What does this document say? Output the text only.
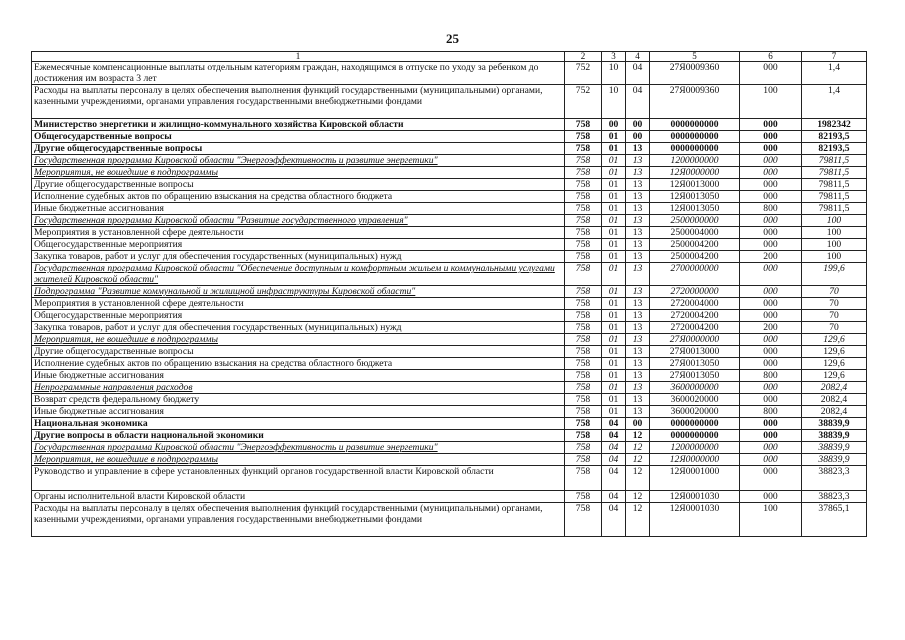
25
1	2	3	4	5	6	7
Ежемесячные компенсационные выплаты отдельным категориям граждан, находящимся в отпуске по уходу за ребенком до достижения им возраста 3 лет	752	10	04	27Я0009360	000	1,4
Расходы на выплаты персоналу в целях обеспечения выполнения функций государственными (муниципальными) органами, казенными учреждениями, органами управления государственными внебюджетными фондами	752	10	04	27Я0009360	100	1,4
Министерство энергетики и жилищно-коммунального хозяйства Кировской области	758	00	00	0000000000	000	1982342
Общегосударственные вопросы	758	01	00	0000000000	000	82193,5
Другие общегосударственные вопросы	758	01	13	0000000000	000	82193,5
Государственная программа Кировской области "Энергоэффективность и развитие энергетики"	758	01	13	1200000000	000	79811,5
Мероприятия, не вошедшие в подпрограммы	758	01	13	12Я0000000	000	79811,5
Другие общегосударственные вопросы	758	01	13	12Я0013000	000	79811,5
Исполнение судебных актов по обращению взыскания на средства областного бюджета	758	01	13	12Я0013050	000	79811,5
Иные бюджетные ассигнования	758	01	13	12Я0013050	800	79811,5
Государственная программа Кировской области "Развитие государственного управления"	758	01	13	2500000000	000	100
Мероприятия в установленной сфере деятельности	758	01	13	2500004000	000	100
Общегосударственные мероприятия	758	01	13	2500004200	000	100
Закупка товаров, работ и услуг для обеспечения государственных (муниципальных) нужд	758	01	13	2500004200	200	100
Государственная программа Кировской области "Обеспечение доступным и комфортным жильем и коммунальными услугами жителей Кировской области"	758	01	13	2700000000	000	199,6
Подпрограмма "Развитие коммунальной и жилищной инфраструктуры Кировской области"	758	01	13	2720000000	000	70
Мероприятия в установленной сфере деятельности	758	01	13	2720004000	000	70
Общегосударственные мероприятия	758	01	13	2720004200	000	70
Закупка товаров, работ и услуг для обеспечения государственных (муниципальных) нужд	758	01	13	2720004200	200	70
Мероприятия, не вошедшие в подпрограммы	758	01	13	27Я0000000	000	129,6
Другие общегосударственные вопросы	758	01	13	27Я0013000	000	129,6
Исполнение судебных актов по обращению взыскания на средства областного бюджета	758	01	13	27Я0013050	000	129,6
Иные бюджетные ассигнования	758	01	13	27Я0013050	800	129,6
Непрограммные направления расходов	758	01	13	3600000000	000	2082,4
Возврат средств федеральному бюджету	758	01	13	3600020000	000	2082,4
Иные бюджетные ассигнования	758	01	13	3600020000	800	2082,4
Национальная экономика	758	04	00	0000000000	000	38839,9
Другие вопросы в области национальной экономики	758	04	12	0000000000	000	38839,9
Государственная программа Кировской области "Энергоэффективность и развитие энергетики"	758	04	12	1200000000	000	38839,9
Мероприятия, не вошедшие в подпрограммы	758	04	12	12Я0000000	000	38839,9
Руководство и управление в сфере установленных функций органов государственной власти Кировской области	758	04	12	12Я0001000	000	38823,3
Органы исполнительной власти Кировской области	758	04	12	12Я0001030	000	38823,3
Расходы на выплаты персоналу в целях обеспечения выполнения функций государственными (муниципальными) органами, казенными учреждениями, органами управления государственными внебюджетными фондами	758	04	12	12Я0001030	100	37865,1
